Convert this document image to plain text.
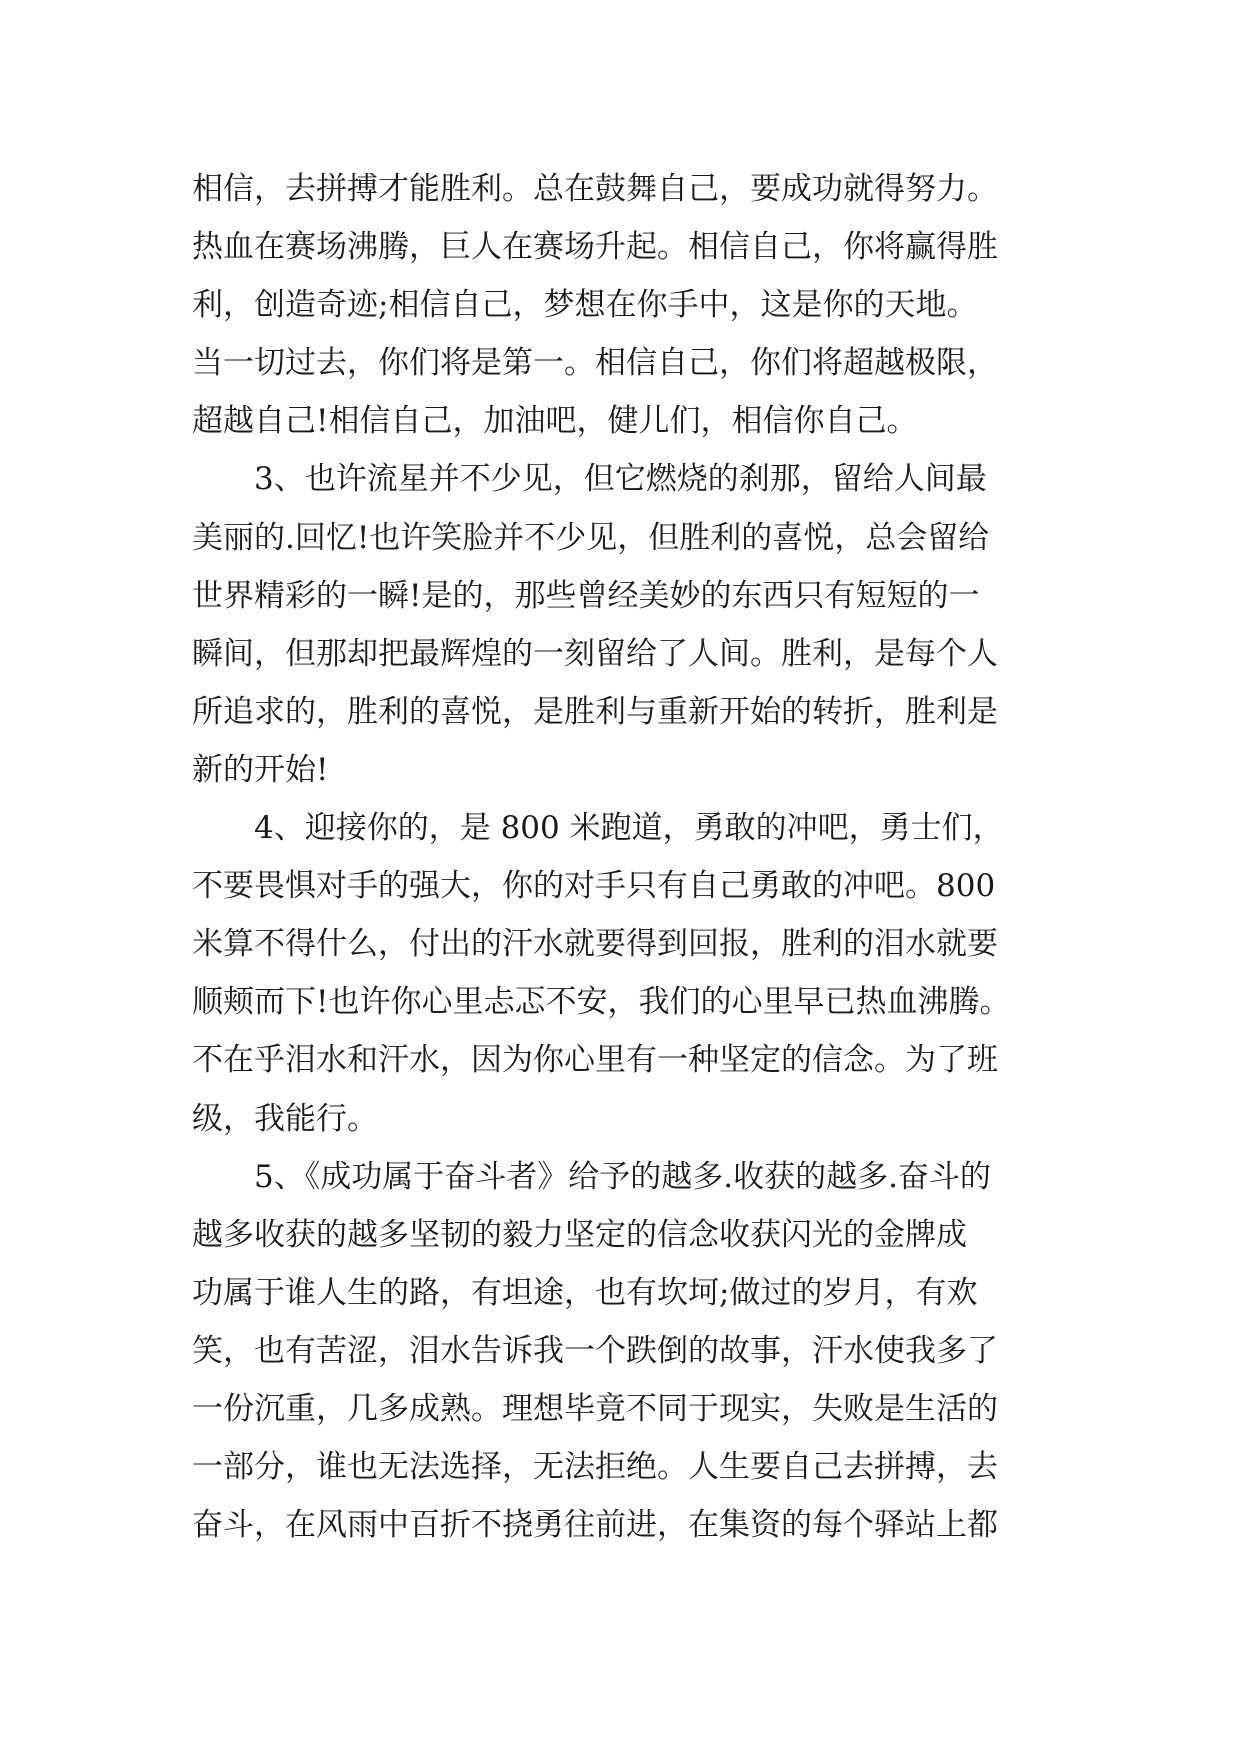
相信，去拼搏才能胜利。总在鼓舞自己，要成功就得努力。
热血在赛场沸腾，巨人在赛场升起。相信自己，你将赢得胜
利，创造奇迹;相信自己，梦想在你手中，这是你的天地。
当一切过去，你们将是第一。相信自己，你们将超越极限，
超越自己!相信自己，加油吧，健儿们，相信你自己。
3、也许流星并不少见，但它燃烧的刹那，留给人间最
美丽的.回忆!也许笑脸并不少见，但胜利的喜悦，总会留给
世界精彩的一瞬!是的，那些曾经美妙的东西只有短短的一
瞬间，但那却把最辉煌的一刻留给了人间。胜利，是每个人
所追求的，胜利的喜悦，是胜利与重新开始的转折，胜利是
新的开始!
4、迎接你的，是 800 米跑道，勇敢的冲吧，勇士们，
不要畏惧对手的强大，你的对手只有自己勇敢的冲吧。800
米算不得什么，付出的汗水就要得到回报，胜利的泪水就要
顺颊而下!也许你心里忐忑不安，我们的心里早已热血沸腾。
不在乎泪水和汗水，因为你心里有一种坚定的信念。为了班
级，我能行。
5、《成功属于奋斗者》给予的越多.收获的越多.奋斗的
越多收获的越多坚韧的毅力坚定的信念收获闪光的金牌成
功属于谁人生的路，有坦途，也有坎坷;做过的岁月，有欢
笑，也有苦涩，泪水告诉我一个跌倒的故事，汗水使我多了
一份沉重，几多成熟。理想毕竟不同于现实，失败是生活的
一部分，谁也无法选择，无法拒绝。人生要自己去拼搏，去
奋斗，在风雨中百折不挠勇往前进，在集资的每个驿站上都
